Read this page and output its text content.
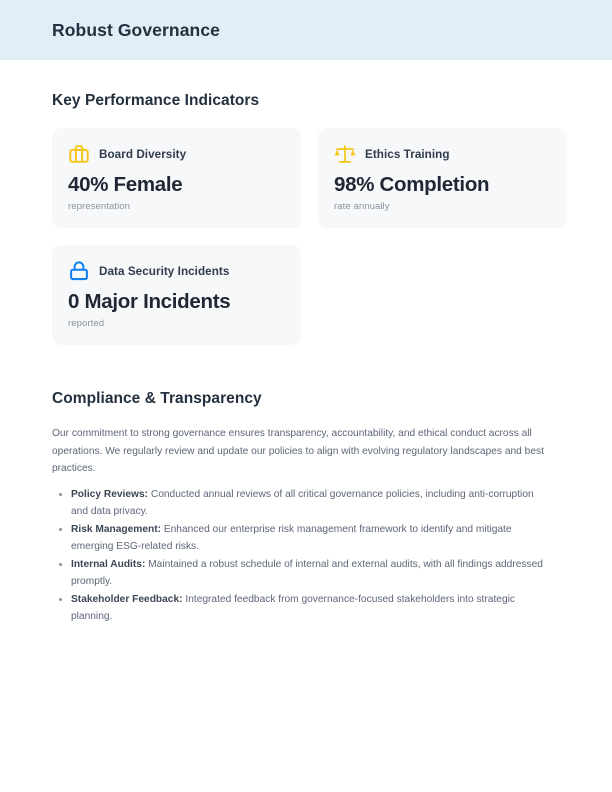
Robust Governance
Key Performance Indicators
Board Diversity
40% Female
representation
Ethics Training
98% Completion
rate annually
Data Security Incidents
0 Major Incidents
reported
Compliance & Transparency

Our commitment to strong governance ensures transparency, accountability, and ethical conduct across all operations. We regularly review and update our policies to align with evolving regulatory landscapes and best practices.

Policy Reviews: Conducted annual reviews of all critical governance policies, including anti-corruption and data privacy.
Risk Management: Enhanced our enterprise risk management framework to identify and mitigate emerging ESG-related risks.
Internal Audits: Maintained a robust schedule of internal and external audits, with all findings addressed promptly.
Stakeholder Feedback: Integrated feedback from governance-focused stakeholders into strategic planning.
